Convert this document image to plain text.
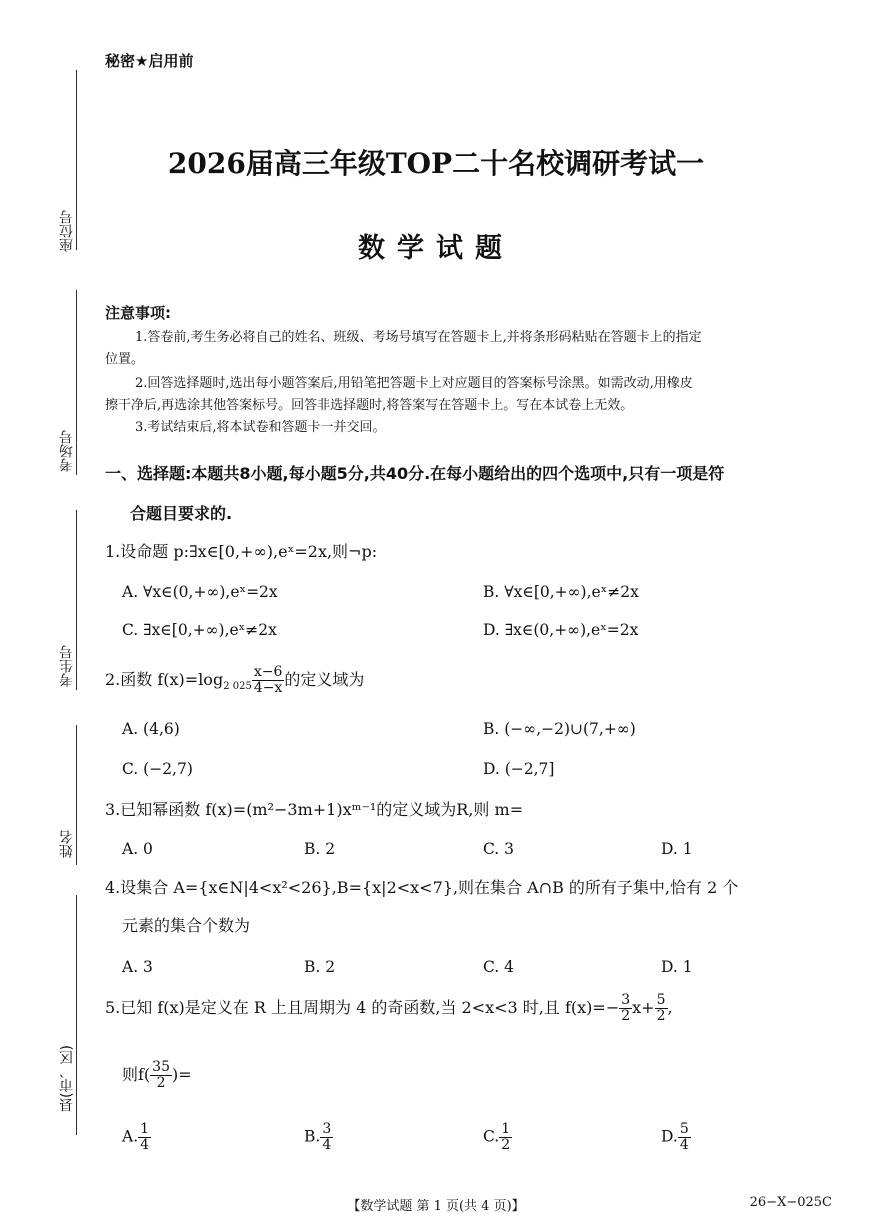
座位号
考场号
考生号
姓名
县(市、区)
秘密★启用前
2026届高三年级TOP二十名校调研考试一
数学试题
注意事项:
1.答卷前,考生务必将自己的姓名、班级、考场号填写在答题卡上,并将条形码粘贴在答题卡上的指定
位置。
2.回答选择题时,选出每小题答案后,用铅笔把答题卡上对应题目的答案标号涂黑。如需改动,用橡皮
擦干净后,再选涂其他答案标号。回答非选择题时,将答案写在答题卡上。写在本试卷上无效。
3.考试结束后,将本试卷和答题卡一并交回。
一、选择题:本题共8小题,每小题5分,共40分.在每小题给出的四个选项中,只有一项是符
合题目要求的.
1.设命题 p:∃x∈[0,+∞),eˣ=2x,则¬p:
A. ∀x∈(0,+∞),eˣ=2x	B. ∀x∈[0,+∞),eˣ≠2x
C. ∃x∈[0,+∞),eˣ≠2x	D. ∃x∈(0,+∞),eˣ=2x
2.函数 $f(x)=\log_{2 025} \frac{x-6}{4-x}$ 的定义域为
A. (4,6)	B. (−∞,−2)∪(7,+∞)
C. (−2,7)	D. (−2,7]
3.已知幂函数 f(x)=(m²−3m+1)xᵐ⁻¹的定义域为R,则 m=
A. 0	B. 2	C. 3	D. 1
4.设集合 A={x∈N|4<x²<26},B={x|2<x<7},则在集合 A∩B 的所有子集中,恰有 2 个
元素的集合个数为
A. 3	B. 2	C. 4	D. 1
5.已知 f(x)是定义在 R 上且周期为 4 的奇函数,当 2<x<3 时,且 $f(x)=- \frac{3}{2} x+ \frac{5}{2}$ ,
则$f( \frac{35}{2}$ )=
A. $\frac{1}{4}$	B. $\frac{3}{4}$	C. $\frac{1}{2}$	D. $\frac{5}{4}$
【数学试题 第 1 页(共 4 页)】	26−X−025C
